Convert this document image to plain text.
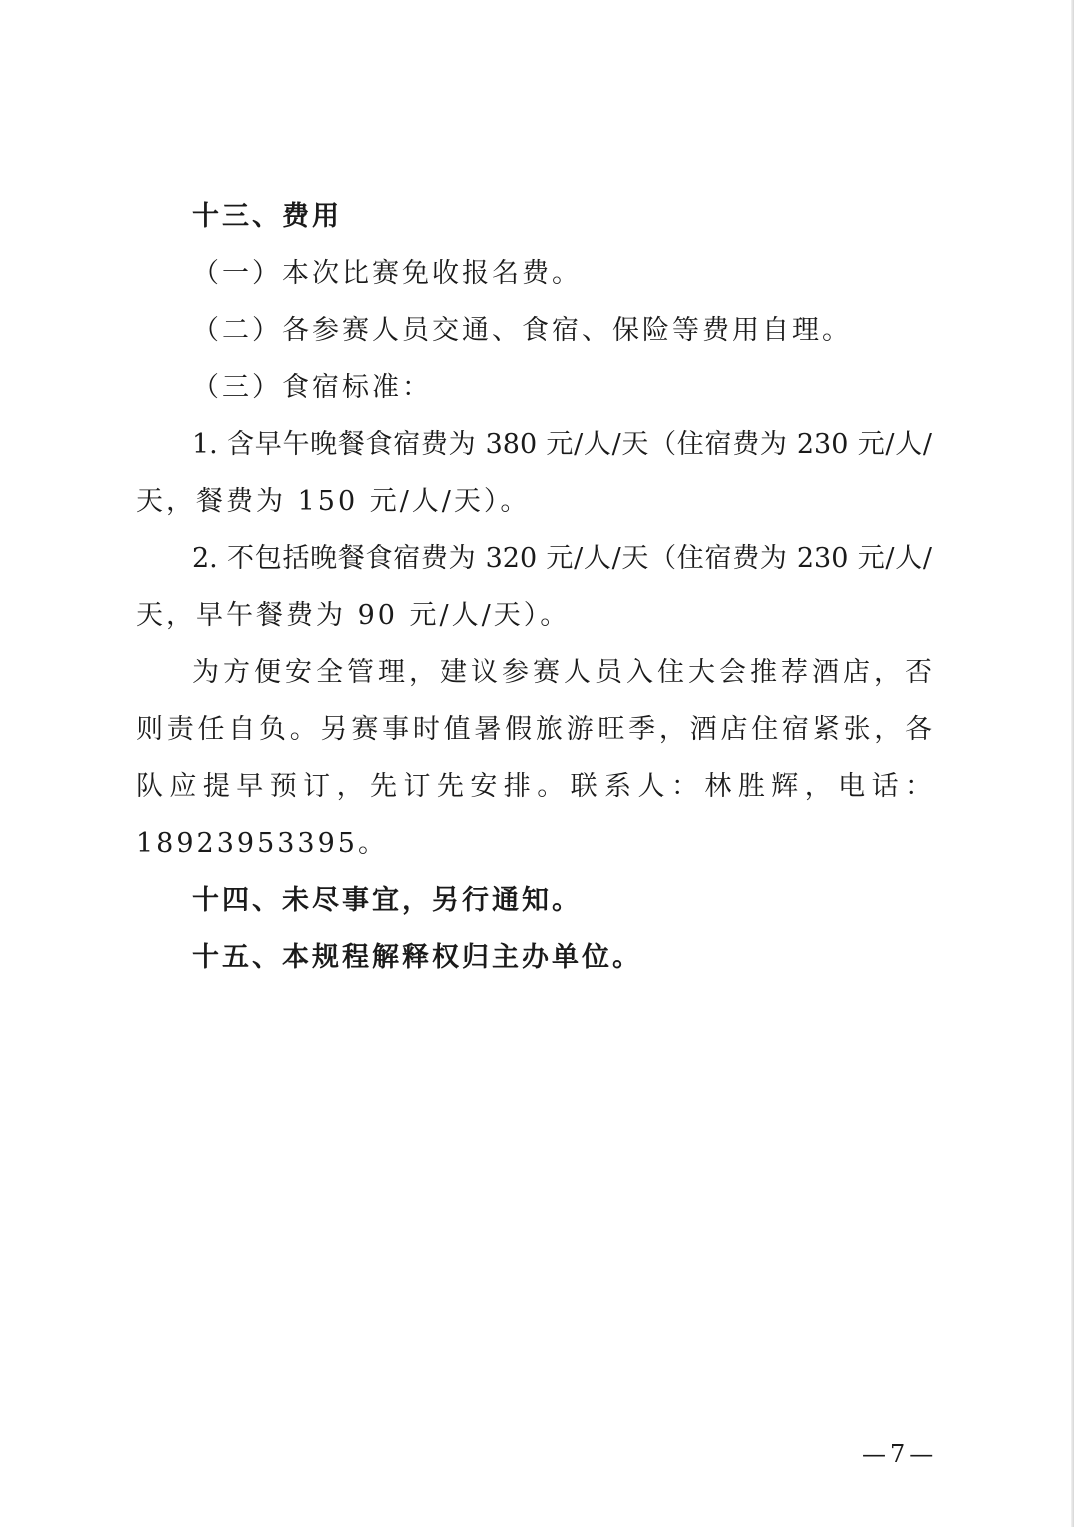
十三、费用
（一）本次比赛免收报名费。
（二）各参赛人员交通、食宿、保险等费用自理。
（三）食宿标准：
1. 含早午晚餐食宿费为 380 元/人/天（住宿费为 230 元/人/
天，餐费为 150 元/人/天）。
2. 不包括晚餐食宿费为 320 元/人/天（住宿费为 230 元/人/
天，早午餐费为 90 元/人/天）。
为方便安全管理，建议参赛人员入住大会推荐酒店，否
则责任自负。另赛事时值暑假旅游旺季，酒店住宿紧张，各
队应提早预订，先订先安排。联系人：林胜辉，电话：
18923953395。
十四、未尽事宜，另行通知。
十五、本规程解释权归主办单位。
—7—
